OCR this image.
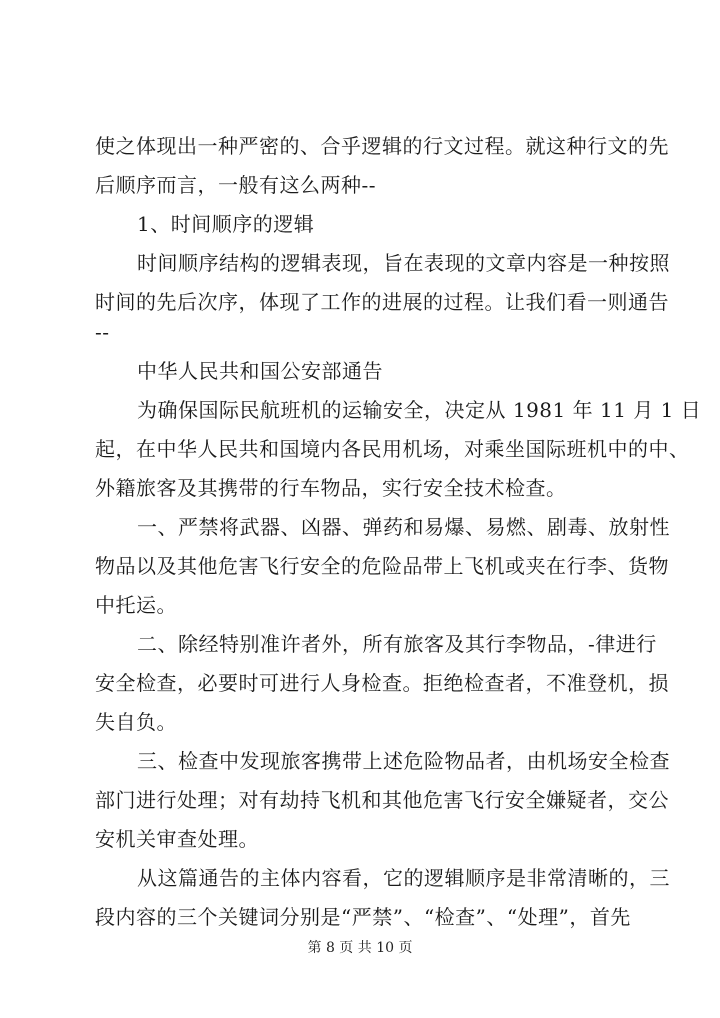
使之体现出一种严密的、合乎逻辑的行文过程。就这种行文的先
后顺序而言，一般有这么两种--
1、时间顺序的逻辑
时间顺序结构的逻辑表现，旨在表现的文章内容是一种按照
时间的先后次序，体现了工作的进展的过程。让我们看一则通告
--
中华人民共和国公安部通告
为确保国际民航班机的运输安全，决定从 1981 年 11 月 1 日
起，在中华人民共和国境内各民用机场，对乘坐国际班机中的中、
外籍旅客及其携带的行车物品，实行安全技术检查。
一、严禁将武器、凶器、弹药和易爆、易燃、剧毒、放射性
物品以及其他危害飞行安全的危险品带上飞机或夹在行李、货物
中托运。
二、除经特别准许者外，所有旅客及其行李物品，-律进行
安全检查，必要时可进行人身检查。拒绝检查者，不准登机，损
失自负。
三、检查中发现旅客携带上述危险物品者，由机场安全检查
部门进行处理；对有劫持飞机和其他危害飞行安全嫌疑者，交公
安机关审查处理。
从这篇通告的主体内容看，它的逻辑顺序是非常清晰的，三
段内容的三个关键词分别是“严禁”、“检查”、“处理”，首先
第 8 页 共 10 页
